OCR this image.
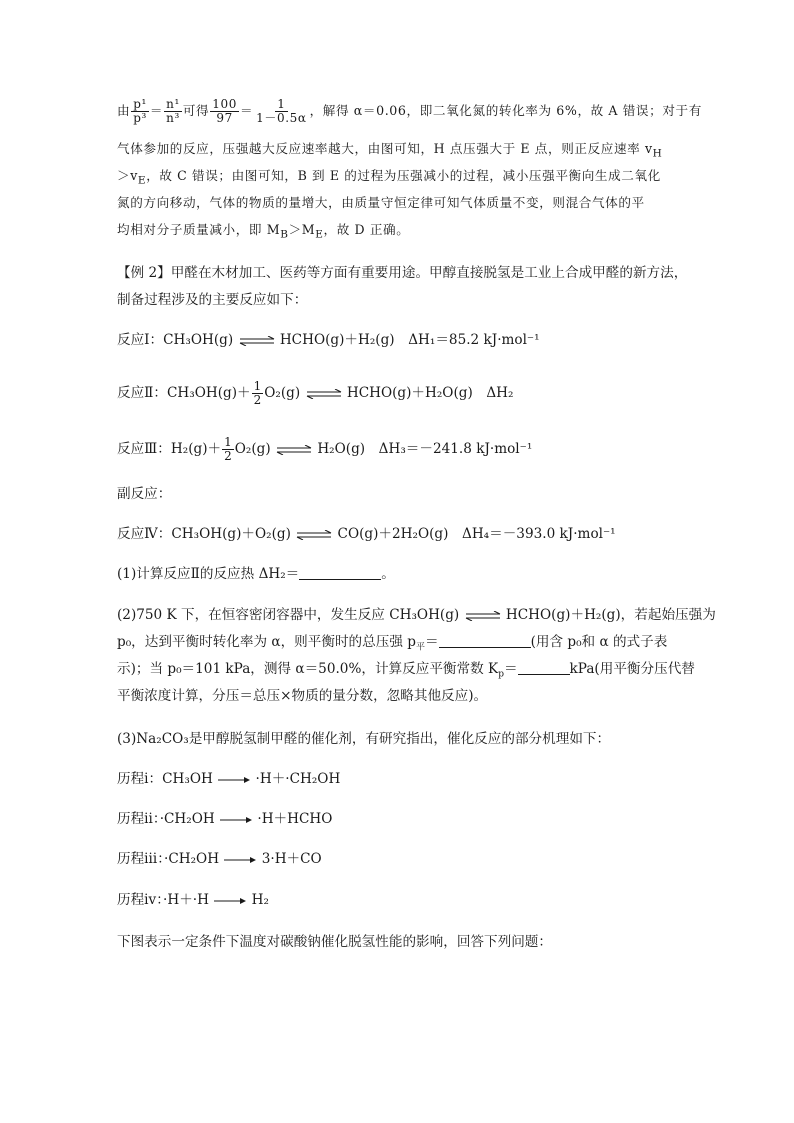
由 $\frac{\text{p¹}}{\text{p³}} = \frac{\text{n¹}}{\text{n³}}$ 可得 $\frac{100}{97} = \frac{1}{1-0.5\alpha}$ ，解得 α＝0.06，即二氧化氮的转化率为 6%，故 A 错误；对于有
气体参加的反应，压强越大反应速率越大，由图可知，H 点压强大于 E 点，则正反应速率 $v_H$
$>v_E$，故 C 错误；由图可知，B 到 E 的过程为压强减小的过程，减小压强平衡向生成二氧化
氮的方向移动，气体的物质的量增大，由质量守恒定律可知气体质量不变，则混合气体的平
均相对分子质量减小，即 $M_B>M_E$，故 D 正确。
【例 2】甲醛在木材加工、医药等方面有重要用途。甲醇直接脱氢是工业上合成甲醛的新方法，
制备过程涉及的主要反应如下：
反应Ⅰ：CH₃OH(g) ⇌ HCHO(g)＋H₂(g)  ΔH₁＝85.2 kJ·mol⁻¹
反应Ⅱ：$CH_3OH(g)+ \frac{1}{2} O_2(g)$ ⇌ HCHO(g)＋H₂O(g)  ΔH₂
反应Ⅲ：$H_2(g)+ \frac{1}{2} O_2(g)$ ⇌ H₂O(g)  ΔH₃＝－241.8 kJ·mol⁻¹
副反应：
反应Ⅳ：CH₃OH(g)＋O₂(g) ⇌ CO(g)＋2H₂O(g)  ΔH₄＝－393.0 kJ·mol⁻¹
(1)计算反应Ⅱ的反应热 ΔH₂＝	。
(2)750 K 下，在恒容密闭容器中，发生反应 CH₃OH(g) ⇌ HCHO(g)＋H₂(g)，若起始压强为
p₀，达到平衡时转化率为 α，则平衡时的总压强 $p_平=$	(用含 p₀和 α 的式子表
示)；当 p₀＝101 kPa，测得 α＝50.0%，计算反应平衡常数 $K_p=$	kPa(用平衡分压代替
平衡浓度计算，分压＝总压×物质的量分数，忽略其他反应)。
(3)Na₂CO₃是甲醇脱氢制甲醛的催化剂，有研究指出，催化反应的部分机理如下：
历程ⅰ：CH₃OH → ·H＋·CH₂OH
历程ⅱ：·CH₂OH → ·H＋HCHO
历程ⅲ：·CH₂OH → 3·H＋CO
历程ⅳ：·H＋·H → H₂
下图表示一定条件下温度对碳酸钠催化脱氢性能的影响，回答下列问题：
